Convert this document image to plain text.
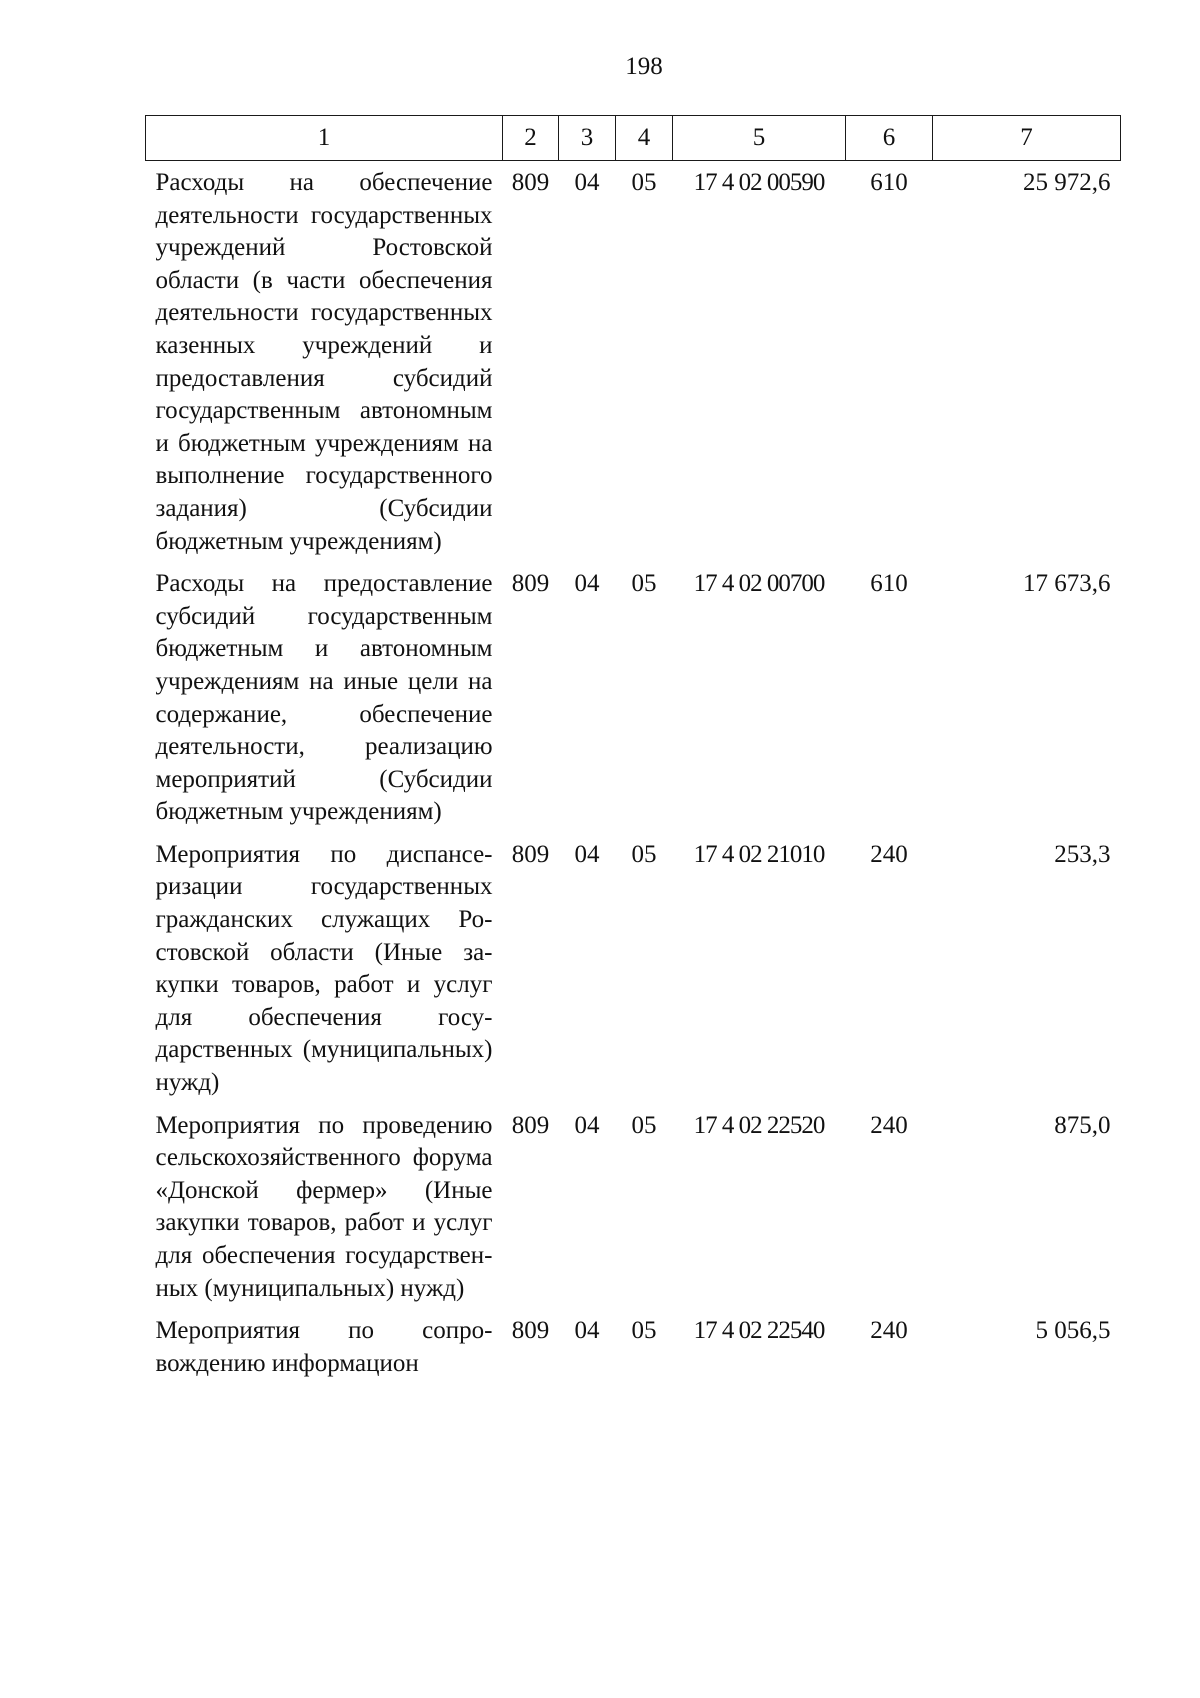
198
1	2	3	4	5	6	7
Расходы на обеспечение деятельности государственных учреждений Ростовской области (в части обеспечения деятельности государственных казенных учреждений и предоставления субсидий государственным автономным и бюджетным учреждениям на выполнение государственного задания) (Субсидии бюджетным учреждениям)	809	04	05	17 4 02 00590	610	25 972,6
Расходы на предоставление субсидий государственным бюджетным и автономным учреждениям на иные цели на содержание, обеспечение деятельности, реализацию мероприятий (Субсидии бюджетным учреждениям)	809	04	05	17 4 02 00700	610	17 673,6
Мероприятия по диспансеризации государственных гражданских служащих Ростовской области (Иные закупки товаров, работ и услуг для обеспечения государственных (муниципальных) нужд)	809	04	05	17 4 02 21010	240	253,3
Мероприятия по проведению сельскохозяйственного форума «Донской фермер» (Иные закупки товаров, работ и услуг для обеспечения государственных (муниципальных) нужд)	809	04	05	17 4 02 22520	240	875,0
Мероприятия по сопровождению информацион	809	04	05	17 4 02 22540	240	5 056,5
